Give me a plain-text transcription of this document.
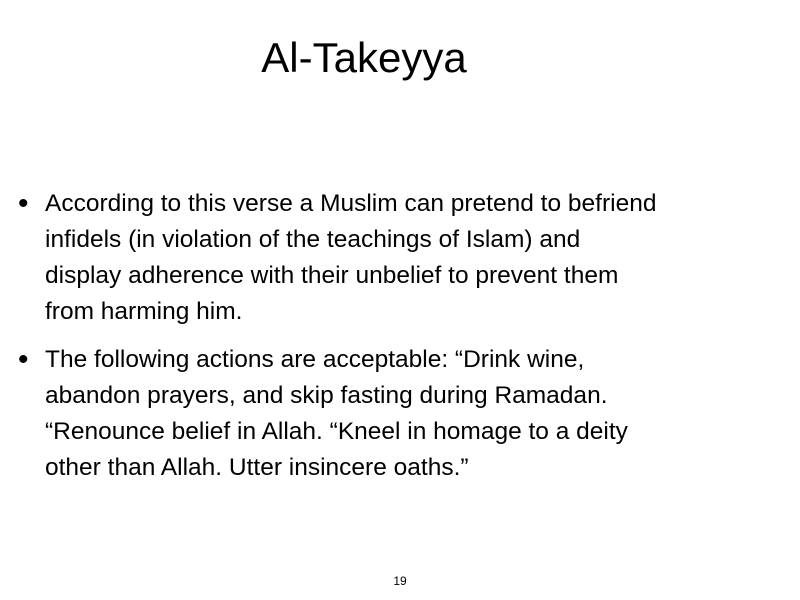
Al-Takeyya
• According to this verse a Muslim can pretend to befriend
infidels (in violation of the teachings of Islam) and
display adherence with their unbelief to prevent them
from harming him.
• The following actions are acceptable: “Drink wine,
abandon prayers, and skip fasting during Ramadan.
“Renounce belief in Allah. “Kneel in homage to a deity
other than Allah. Utter insincere oaths.”
19
